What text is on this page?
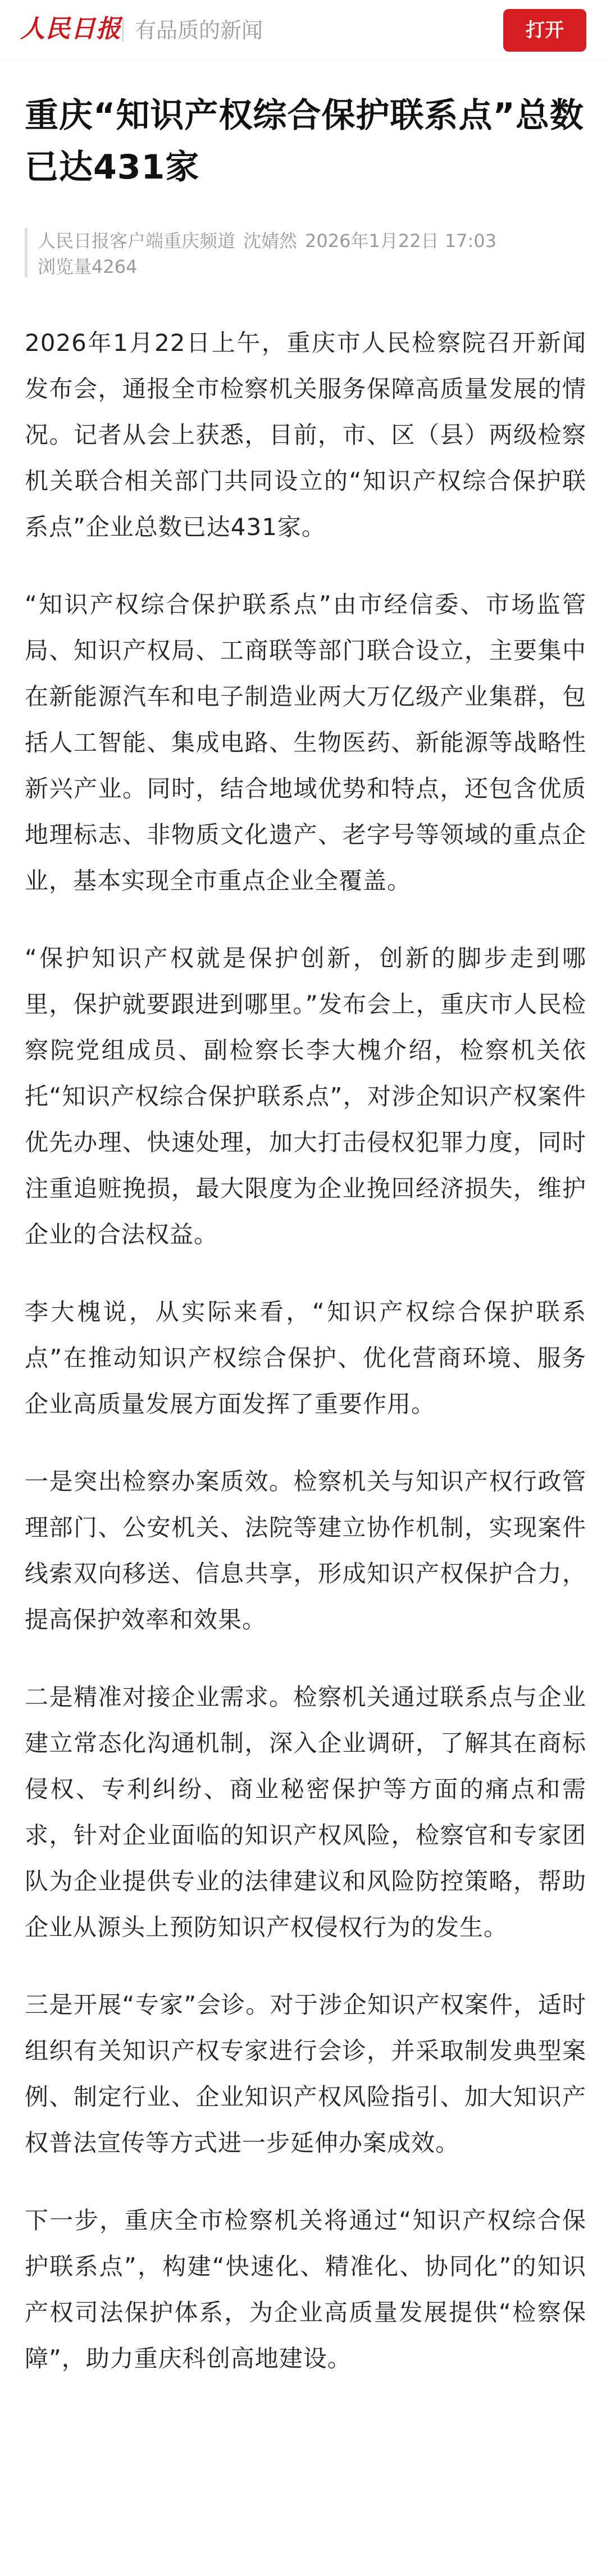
人民日报 有品质的新闻	打开
重庆“知识产权综合保护联系点”总数已达431家
人民日报客户端重庆频道 沈婧然 2026年1月22日 17:03
浏览量4264

2026年1月22日上午，重庆市人民检察院召开新闻发布会，通报全市检察机关服务保障高质量发展的情况。记者从会上获悉，目前，市、区（县）两级检察机关联合相关部门共同设立的“知识产权综合保护联系点”企业总数已达431家。

“知识产权综合保护联系点”由市经信委、市场监管局、知识产权局、工商联等部门联合设立，主要集中在新能源汽车和电子制造业两大万亿级产业集群，包括人工智能、集成电路、生物医药、新能源等战略性新兴产业。同时，结合地域优势和特点，还包含优质地理标志、非物质文化遗产、老字号等领域的重点企业，基本实现全市重点企业全覆盖。

“保护知识产权就是保护创新，创新的脚步走到哪里，保护就要跟进到哪里。”发布会上，重庆市人民检察院党组成员、副检察长李大槐介绍，检察机关依托“知识产权综合保护联系点”，对涉企知识产权案件优先办理、快速处理，加大打击侵权犯罪力度，同时注重追赃挽损，最大限度为企业挽回经济损失，维护企业的合法权益。

李大槐说，从实际来看，“知识产权综合保护联系点”在推动知识产权综合保护、优化营商环境、服务企业高质量发展方面发挥了重要作用。

一是突出检察办案质效。检察机关与知识产权行政管理部门、公安机关、法院等建立协作机制，实现案件线索双向移送、信息共享，形成知识产权保护合力，提高保护效率和效果。

二是精准对接企业需求。检察机关通过联系点与企业建立常态化沟通机制，深入企业调研，了解其在商标侵权、专利纠纷、商业秘密保护等方面的痛点和需求，针对企业面临的知识产权风险，检察官和专家团队为企业提供专业的法律建议和风险防控策略，帮助企业从源头上预防知识产权侵权行为的发生。

三是开展“专家”会诊。对于涉企知识产权案件，适时组织有关知识产权专家进行会诊，并采取制发典型案例、制定行业、企业知识产权风险指引、加大知识产权普法宣传等方式进一步延伸办案成效。

下一步，重庆全市检察机关将通过“知识产权综合保护联系点”，构建“快速化、精准化、协同化”的知识产权司法保护体系，为企业高质量发展提供“检察保障”，助力重庆科创高地建设。
